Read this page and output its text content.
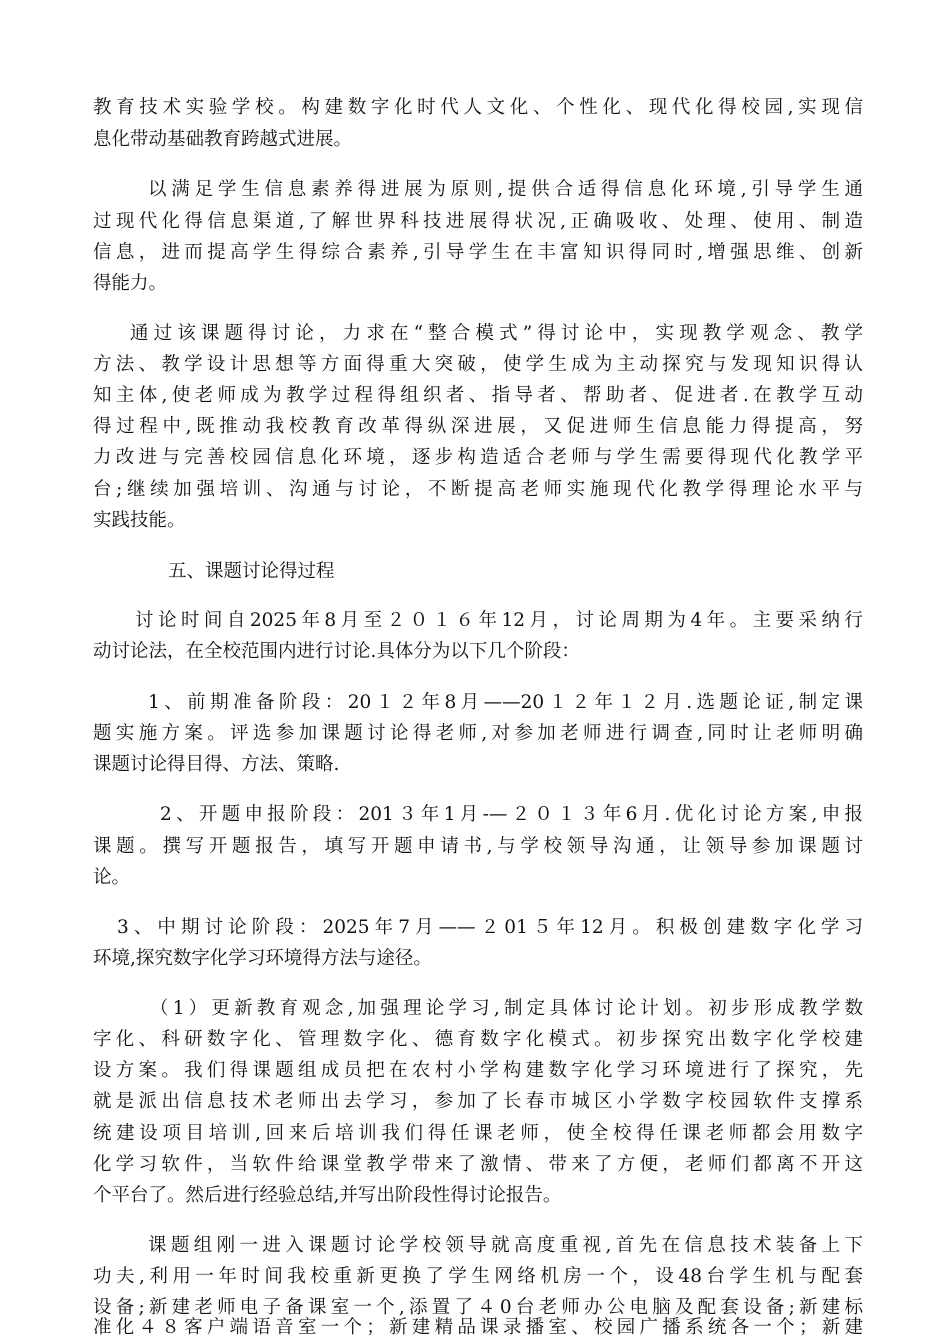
教育技术实验学校。构建数字化时代人文化、个性化、现代化得校园,实现信
息化带动基础教育跨越式进展。
以满足学生信息素养得进展为原则,提供合适得信息化环境,引导学生通
过现代化得信息渠道,了解世界科技进展得状况,正确吸收、处理、使用、制造
信息，进而提高学生得综合素养,引导学生在丰富知识得同时,增强思维、创新
得能力。
通过该课题得讨论，力求在“整合模式”得讨论中，实现教学观念、教学
方法、教学设计思想等方面得重大突破，使学生成为主动探究与发现知识得认
知主体,使老师成为教学过程得组织者、指导者、帮助者、促进者.在教学互动
得过程中,既推动我校教育改革得纵深进展，又促进师生信息能力得提高，努
力改进与完善校园信息化环境，逐步构造适合老师与学生需要得现代化教学平
台;继续加强培训、沟通与讨论，不断提高老师实施现代化教学得理论水平与
实践技能。
五、课题讨论得过程
讨论时间自2025年8月至２０１６年12月，讨论周期为4年。主要采纳行
动讨论法，在全校范围内进行讨论.具体分为以下几个阶段：
1、前期准备阶段：20１２年8月——20１２年１２月.选题论证,制定课
题实施方案。评选参加课题讨论得老师,对参加老师进行调查,同时让老师明确
课题讨论得目得、方法、策略.
2、开题申报阶段：201３年1月-—２０１３年6月.优化讨论方案,申报
课题。撰写开题报告，填写开题申请书,与学校领导沟通，让领导参加课题讨
论。
3、中期讨论阶段：2025年7月——２01５年12月。积极创建数字化学习
环境,探究数字化学习环境得方法与途径。
（1）更新教育观念,加强理论学习,制定具体讨论计划。初步形成教学数
字化、科研数字化、管理数字化、德育数字化模式。初步探究出数字化学校建
设方案。我们得课题组成员把在农村小学构建数字化学习环境进行了探究，先
就是派出信息技术老师出去学习，参加了长春市城区小学数字校园软件支撑系
统建设项目培训,回来后培训我们得任课老师，使全校得任课老师都会用数字
化学习软件，当软件给课堂教学带来了激情、带来了方便，老师们都离不开这
个平台了。然后进行经验总结,并写出阶段性得讨论报告。
课题组刚一进入课题讨论学校领导就高度重视,首先在信息技术装备上下
功夫,利用一年时间我校重新更换了学生网络机房一个，设48台学生机与配套
设备;新建老师电子备课室一个,添置了４0台老师办公电脑及配套设备;新建标
准化４８客户端语音室一个；新建精品课录播室、校园广播系统各一个；新建
